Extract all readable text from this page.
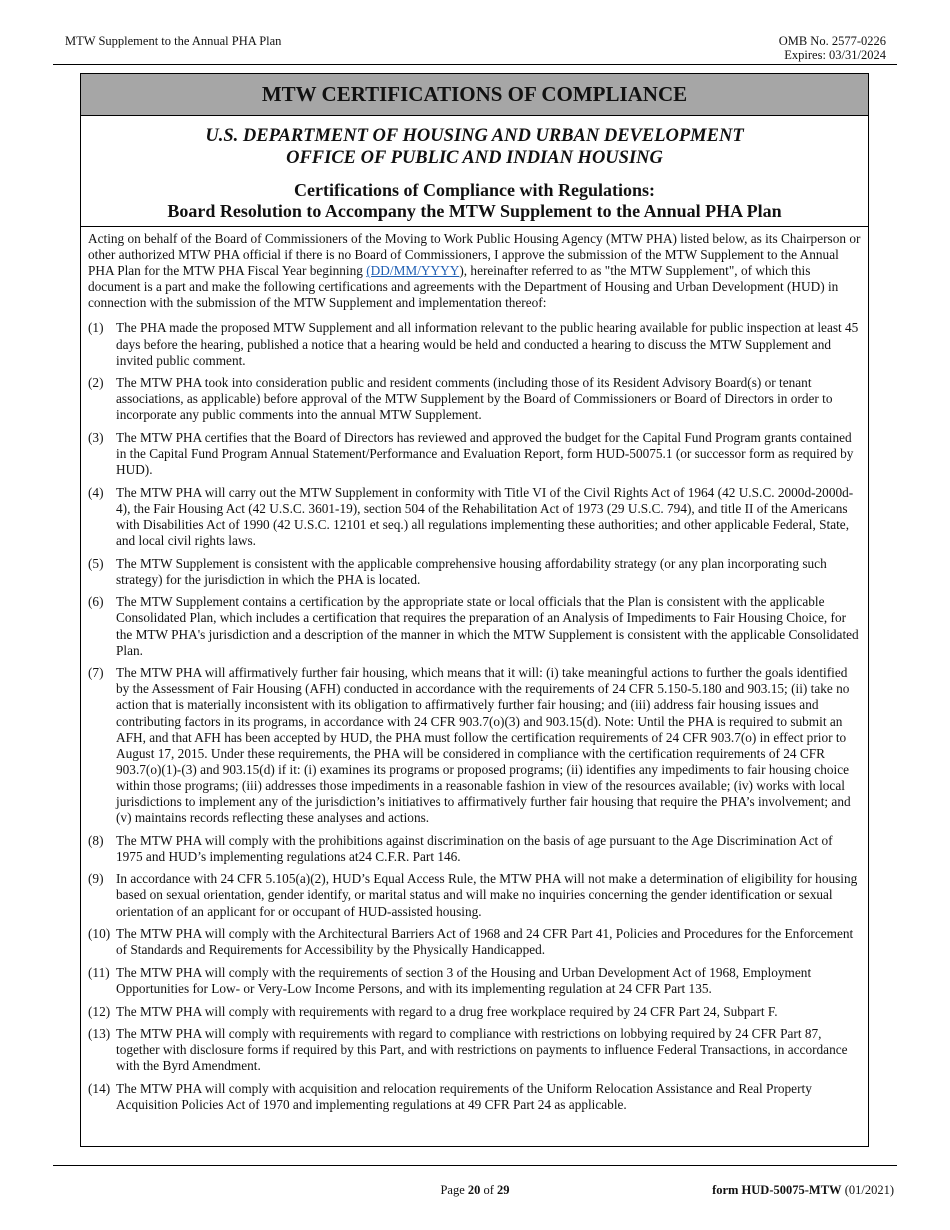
MTW Supplement to the Annual PHA Plan	OMB No. 2577-0226
Expires: 03/31/2024
MTW CERTIFICATIONS OF COMPLIANCE
U.S. DEPARTMENT OF HOUSING AND URBAN DEVELOPMENT
OFFICE OF PUBLIC AND INDIAN HOUSING
Certifications of Compliance with Regulations:
Board Resolution to Accompany the MTW Supplement to the Annual PHA Plan

Acting on behalf of the Board of Commissioners of the Moving to Work Public Housing Agency (MTW PHA) listed below, as its Chairperson or other authorized MTW PHA official if there is no Board of Commissioners, I approve the submission of the MTW Supplement to the Annual PHA Plan for the MTW PHA Fiscal Year beginning (DD/MM/YYYY), hereinafter referred to as "the MTW Supplement", of which this document is a part and make the following certifications and agreements with the Department of Housing and Urban Development (HUD) in connection with the submission of the MTW Supplement and implementation thereof:

(1) The PHA made the proposed MTW Supplement and all information relevant to the public hearing available for public inspection at least 45 days before the hearing, published a notice that a hearing would be held and conducted a hearing to discuss the MTW Supplement and invited public comment.
(2) The MTW PHA took into consideration public and resident comments (including those of its Resident Advisory Board(s) or tenant associations, as applicable) before approval of the MTW Supplement by the Board of Commissioners or Board of Directors in order to incorporate any public comments into the annual MTW Supplement.
(3) The MTW PHA certifies that the Board of Directors has reviewed and approved the budget for the Capital Fund Program grants contained in the Capital Fund Program Annual Statement/Performance and Evaluation Report, form HUD-50075.1 (or successor form as required by HUD).
(4) The MTW PHA will carry out the MTW Supplement in conformity with Title VI of the Civil Rights Act of 1964 (42 U.S.C. 2000d-2000d-4), the Fair Housing Act (42 U.S.C. 3601-19), section 504 of the Rehabilitation Act of 1973 (29 U.S.C. 794), and title II of the Americans with Disabilities Act of 1990 (42 U.S.C. 12101 et seq.) all regulations implementing these authorities; and other applicable Federal, State, and local civil rights laws.
(5) The MTW Supplement is consistent with the applicable comprehensive housing affordability strategy (or any plan incorporating such strategy) for the jurisdiction in which the PHA is located.
(6) The MTW Supplement contains a certification by the appropriate state or local officials that the Plan is consistent with the applicable Consolidated Plan, which includes a certification that requires the preparation of an Analysis of Impediments to Fair Housing Choice, for the MTW PHA's jurisdiction and a description of the manner in which the MTW Supplement is consistent with the applicable Consolidated Plan.
(7) The MTW PHA will affirmatively further fair housing, which means that it will: (i) take meaningful actions to further the goals identified by the Assessment of Fair Housing (AFH) conducted in accordance with the requirements of 24 CFR 5.150-5.180 and 903.15; (ii) take no action that is materially inconsistent with its obligation to affirmatively further fair housing; and (iii) address fair housing issues and contributing factors in its programs, in accordance with 24 CFR 903.7(o)(3) and 903.15(d). Note: Until the PHA is required to submit an AFH, and that AFH has been accepted by HUD, the PHA must follow the certification requirements of 24 CFR 903.7(o) in effect prior to August 17, 2015. Under these requirements, the PHA will be considered in compliance with the certification requirements of 24 CFR 903.7(o)(1)-(3) and 903.15(d) if it: (i) examines its programs or proposed programs; (ii) identifies any impediments to fair housing choice within those programs; (iii) addresses those impediments in a reasonable fashion in view of the resources available; (iv) works with local jurisdictions to implement any of the jurisdiction’s initiatives to affirmatively further fair housing that require the PHA’s involvement; and (v) maintains records reflecting these analyses and actions.
(8) The MTW PHA will comply with the prohibitions against discrimination on the basis of age pursuant to the Age Discrimination Act of 1975 and HUD’s implementing regulations at24 C.F.R. Part 146.
(9) In accordance with 24 CFR 5.105(a)(2), HUD’s Equal Access Rule, the MTW PHA will not make a determination of eligibility for housing based on sexual orientation, gender identify, or marital status and will make no inquiries concerning the gender identification or sexual orientation of an applicant for or occupant of HUD-assisted housing.
(10) The MTW PHA will comply with the Architectural Barriers Act of 1968 and 24 CFR Part 41, Policies and Procedures for the Enforcement of Standards and Requirements for Accessibility by the Physically Handicapped.
(11) The MTW PHA will comply with the requirements of section 3 of the Housing and Urban Development Act of 1968, Employment Opportunities for Low- or Very-Low Income Persons, and with its implementing regulation at 24 CFR Part 135.
(12) The MTW PHA will comply with requirements with regard to a drug free workplace required by 24 CFR Part 24, Subpart F.
(13) The MTW PHA will comply with requirements with regard to compliance with restrictions on lobbying required by 24 CFR Part 87, together with disclosure forms if required by this Part, and with restrictions on payments to influence Federal Transactions, in accordance with the Byrd Amendment.
(14) The MTW PHA will comply with acquisition and relocation requirements of the Uniform Relocation Assistance and Real Property Acquisition Policies Act of 1970 and implementing regulations at 49 CFR Part 24 as applicable.
Page 20 of 29	form HUD-50075-MTW (01/2021)
